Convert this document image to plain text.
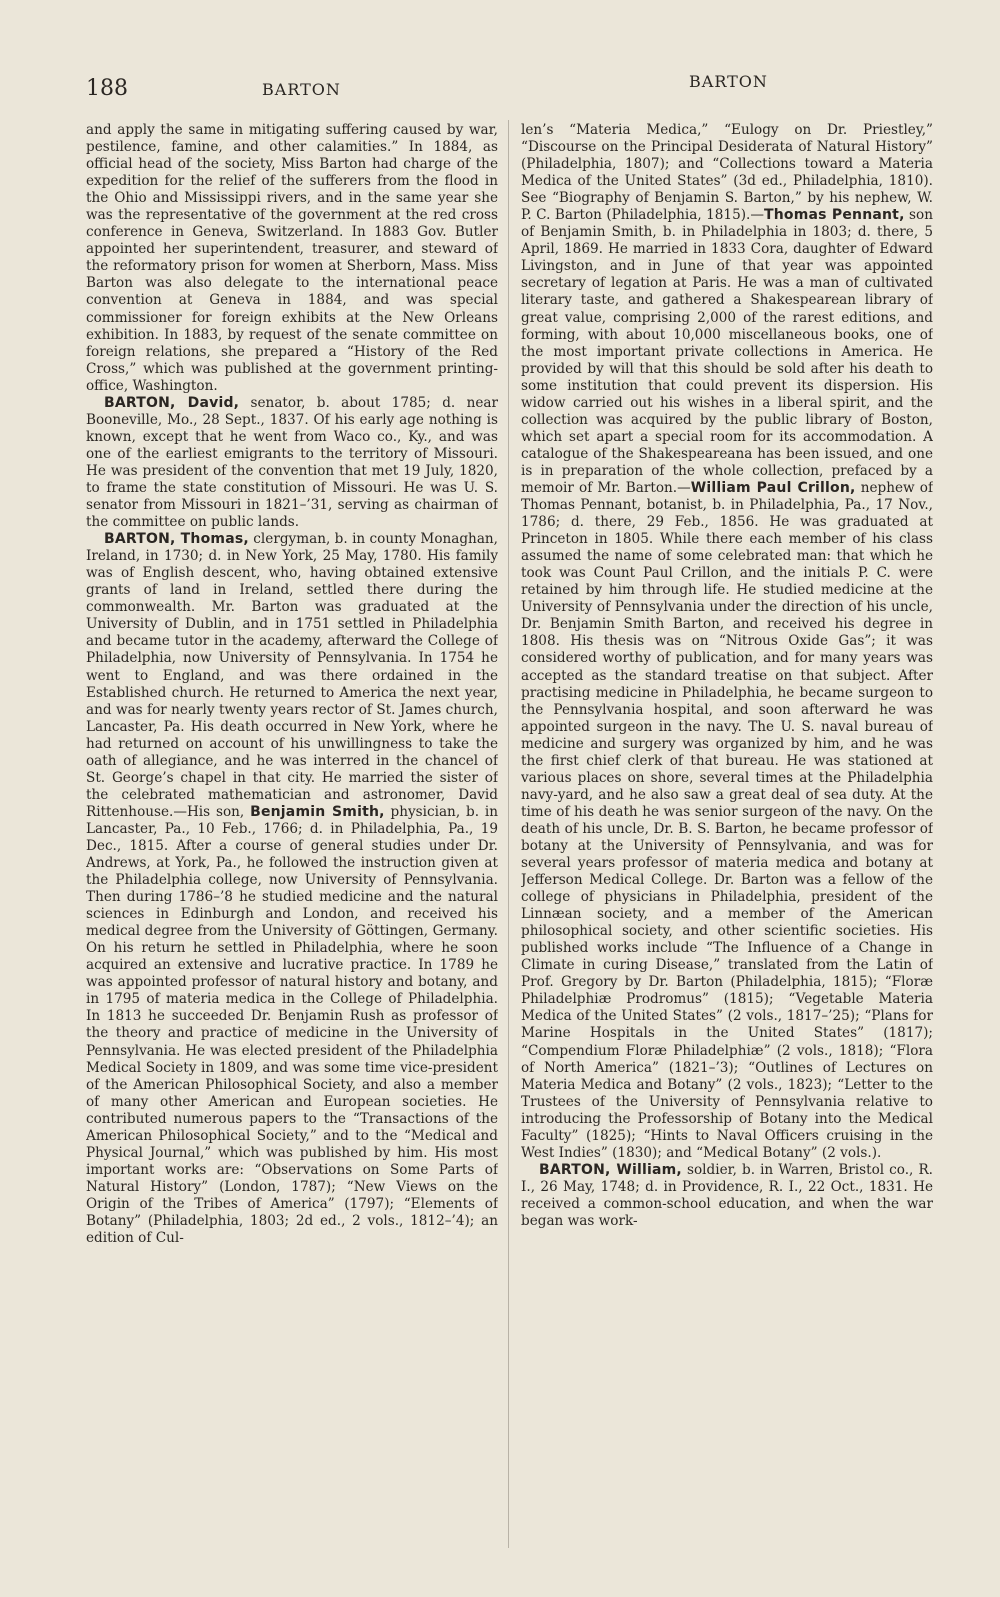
188	BARTON	BARTON

and apply the same in mitigating suffering caused by war, pestilence, famine, and other calamities.” In 1884, as official head of the society, Miss Barton had charge of the expedition for the relief of the sufferers from the flood in the Ohio and Mississippi rivers, and in the same year she was the representative of the government at the red cross conference in Geneva, Switzerland. In 1883 Gov. Butler appointed her superintendent, treasurer, and steward of the reformatory prison for women at Sherborn, Mass. Miss Barton was also delegate to the international peace convention at Geneva in 1884, and was special commissioner for foreign exhibits at the New Orleans exhibition. In 1883, by request of the senate committee on foreign relations, she prepared a “History of the Red Cross,” which was published at the government printing-office, Washington.

BARTON, David, senator, b. about 1785; d. near Booneville, Mo., 28 Sept., 1837. Of his early age nothing is known, except that he went from Waco co., Ky., and was one of the earliest emigrants to the territory of Missouri. He was president of the convention that met 19 July, 1820, to frame the state constitution of Missouri. He was U. S. senator from Missouri in 1821–’31, serving as chairman of the committee on public lands.

BARTON, Thomas, clergyman, b. in county Monaghan, Ireland, in 1730; d. in New York, 25 May, 1780. His family was of English descent, who, having obtained extensive grants of land in Ireland, settled there during the commonwealth. Mr. Barton was graduated at the University of Dublin, and in 1751 settled in Philadelphia and became tutor in the academy, afterward the College of Philadelphia, now University of Pennsylvania. In 1754 he went to England, and was there ordained in the Established church. He returned to America the next year, and was for nearly twenty years rector of St. James church, Lancaster, Pa. His death occurred in New York, where he had returned on account of his unwillingness to take the oath of allegiance, and he was interred in the chancel of St. George’s chapel in that city. He married the sister of the celebrated mathematician and astronomer, David Rittenhouse.—His son, Benjamin Smith, physician, b. in Lancaster, Pa., 10 Feb., 1766; d. in Philadelphia, Pa., 19 Dec., 1815. After a course of general studies under Dr. Andrews, at York, Pa., he followed the instruction given at the Philadelphia college, now University of Pennsylvania. Then during 1786–’8 he studied medicine and the natural sciences in Edinburgh and London, and received his medical degree from the University of Göttingen, Germany. On his return he settled in Philadelphia, where he soon acquired an extensive and lucrative practice. In 1789 he was appointed professor of natural history and botany, and in 1795 of materia medica in the College of Philadelphia. In 1813 he succeeded Dr. Benjamin Rush as professor of the theory and practice of medicine in the University of Pennsylvania. He was elected president of the Philadelphia Medical Society in 1809, and was some time vice-president of the American Philosophical Society, and also a member of many other American and European societies. He contributed numerous papers to the “Transactions of the American Philosophical Society,” and to the “Medical and Physical Journal,” which was published by him. His most important works are: “Observations on Some Parts of Natural History” (London, 1787); “New Views on the Origin of the Tribes of America” (1797); “Elements of Botany” (Philadelphia, 1803; 2d ed., 2 vols., 1812–’4); an edition of Cul-

len’s “Materia Medica,” “Eulogy on Dr. Priestley,” “Discourse on the Principal Desiderata of Natural History” (Philadelphia, 1807); and “Collections toward a Materia Medica of the United States” (3d ed., Philadelphia, 1810). See “Biography of Benjamin S. Barton,” by his nephew, W. P. C. Barton (Philadelphia, 1815).—Thomas Pennant, son of Benjamin Smith, b. in Philadelphia in 1803; d. there, 5 April, 1869. He married in 1833 Cora, daughter of Edward Livingston, and in June of that year was appointed secretary of legation at Paris. He was a man of cultivated literary taste, and gathered a Shakespearean library of great value, comprising 2,000 of the rarest editions, and forming, with about 10,000 miscellaneous books, one of the most important private collections in America. He provided by will that this should be sold after his death to some institution that could prevent its dispersion. His widow carried out his wishes in a liberal spirit, and the collection was acquired by the public library of Boston, which set apart a special room for its accommodation. A catalogue of the Shakespeareana has been issued, and one is in preparation of the whole collection, prefaced by a memoir of Mr. Barton.—William Paul Crillon, nephew of Thomas Pennant, botanist, b. in Philadelphia, Pa., 17 Nov., 1786; d. there, 29 Feb., 1856. He was graduated at Princeton in 1805. While there each member of his class assumed the name of some celebrated man: that which he took was Count Paul Crillon, and the initials P. C. were retained by him through life. He studied medicine at the University of Pennsylvania under the direction of his uncle, Dr. Benjamin Smith Barton, and received his degree in 1808. His thesis was on “Nitrous Oxide Gas”; it was considered worthy of publication, and for many years was accepted as the standard treatise on that subject. After practising medicine in Philadelphia, he became surgeon to the Pennsylvania hospital, and soon afterward he was appointed surgeon in the navy. The U. S. naval bureau of medicine and surgery was organized by him, and he was the first chief clerk of that bureau. He was stationed at various places on shore, several times at the Philadelphia navy-yard, and he also saw a great deal of sea duty. At the time of his death he was senior surgeon of the navy. On the death of his uncle, Dr. B. S. Barton, he became professor of botany at the University of Pennsylvania, and was for several years professor of materia medica and botany at Jefferson Medical College. Dr. Barton was a fellow of the college of physicians in Philadelphia, president of the Linnæan society, and a member of the American philosophical society, and other scientific societies. His published works include “The Influence of a Change in Climate in curing Disease,” translated from the Latin of Prof. Gregory by Dr. Barton (Philadelphia, 1815); “Floræ Philadelphiæ Prodromus” (1815); “Vegetable Materia Medica of the United States” (2 vols., 1817–’25); “Plans for Marine Hospitals in the United States” (1817); “Compendium Floræ Philadelphiæ” (2 vols., 1818); “Flora of North America” (1821–’3); “Outlines of Lectures on Materia Medica and Botany” (2 vols., 1823); “Letter to the Trustees of the University of Pennsylvania relative to introducing the Professorship of Botany into the Medical Faculty” (1825); “Hints to Naval Officers cruising in the West Indies” (1830); and “Medical Botany” (2 vols.).

BARTON, William, soldier, b. in Warren, Bristol co., R. I., 26 May, 1748; d. in Providence, R. I., 22 Oct., 1831. He received a common-school education, and when the war began was work-
